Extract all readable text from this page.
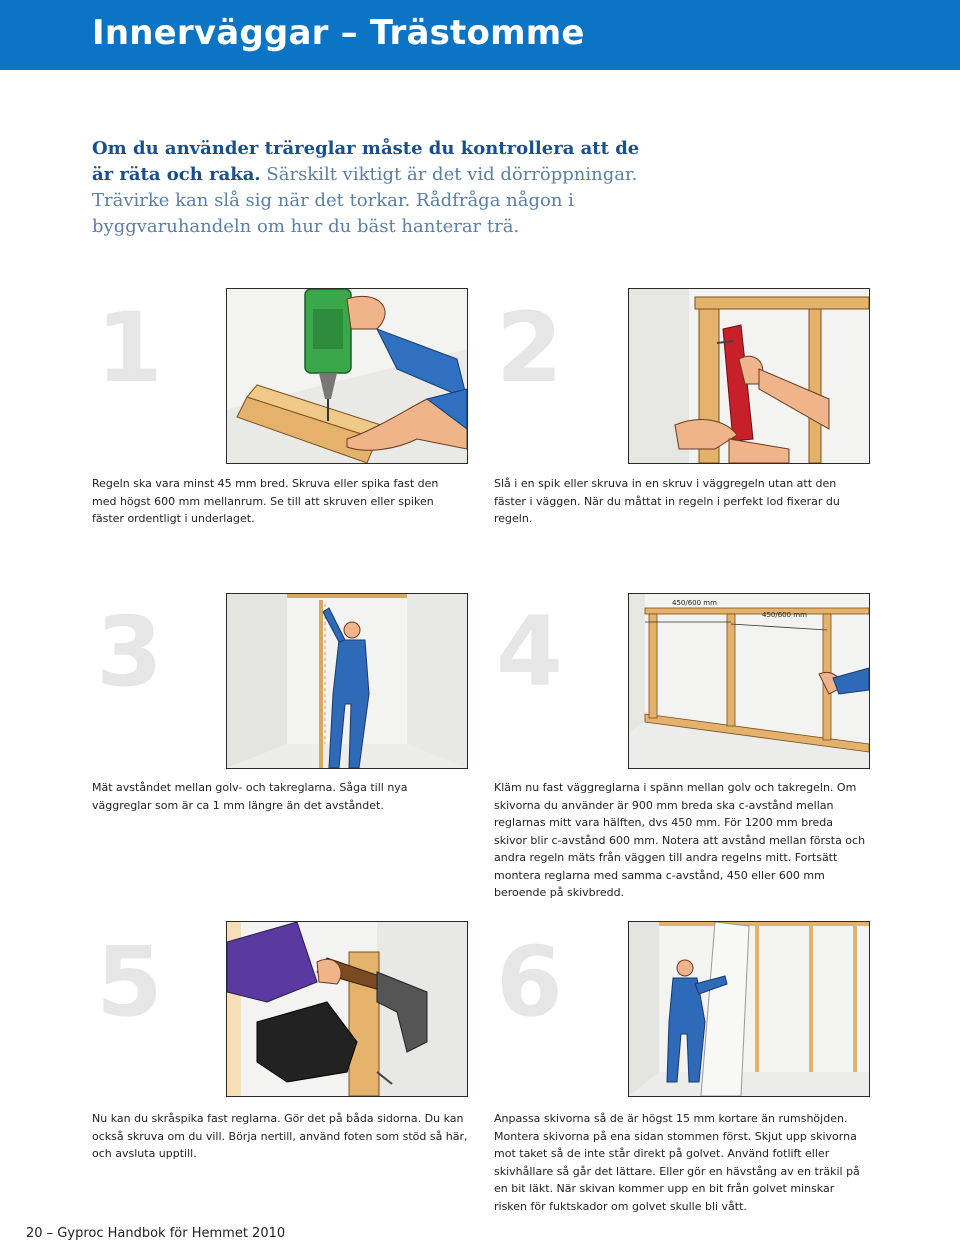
Innerväggar – Trästomme
Om du använder träreglar måste du kontrollera att de är räta och raka. Särskilt viktigt är det vid dörröppningar. Trävirke kan slå sig när det torkar. Rådfråga någon i byggvaruhandeln om hur du bäst hanterar trä.
1
Regeln ska vara minst 45 mm bred. Skruva eller spika fast den med högst 600 mm mellanrum. Se till att skruven eller spiken fäster ordentligt i underlaget.
2
Slå i en spik eller skruva in en skruv i väggregeln utan att den fäster i väggen. När du måttat in regeln i perfekt lod fixerar du regeln.
3
Mät avståndet mellan golv- och takreglarna. Såga till nya väggreglar som är ca 1 mm längre än det avståndet.
4	450/600 mm
450/600 mm
Kläm nu fast väggreglarna i spänn mellan golv och takregeln. Om skivorna du använder är 900 mm breda ska c-avstånd mellan reglarnas mitt vara hälften, dvs 450 mm. För 1200 mm breda skivor blir c-avstånd 600 mm. Notera att avstånd mellan första och andra regeln mäts från väggen till andra regelns mitt. Fortsätt montera reglarna med samma c-avstånd, 450 eller 600 mm beroende på skivbredd.
5
Nu kan du skråspika fast reglarna. Gör det på båda sidorna. Du kan också skruva om du vill. Börja nertill, använd foten som stöd så här, och avsluta upptill.
6
Anpassa skivorna så de är högst 15 mm kortare än rumshöjden. Montera skivorna på ena sidan stommen först. Skjut upp skivorna mot taket så de inte står direkt på golvet. Använd fotlift eller skivhållare så går det lättare. Eller gör en hävstång av en träkil på en bit läkt. När skivan kommer upp en bit från golvet minskar risken för fuktskador om golvet skulle bli vått.
20 – Gyproc Handbok för Hemmet 2010
